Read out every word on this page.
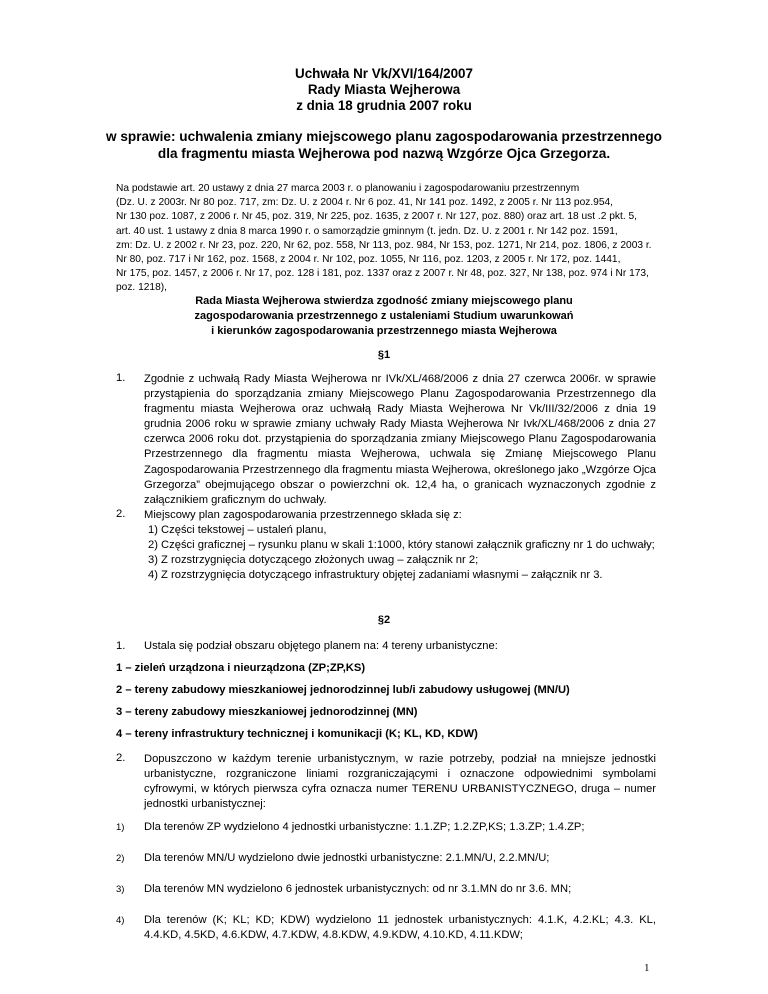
Uchwała Nr Vk/XVI/164/2007
Rady Miasta Wejherowa
z dnia 18 grudnia 2007 roku
w sprawie: uchwalenia zmiany miejscowego planu zagospodarowania przestrzennego
dla fragmentu miasta Wejherowa pod nazwą Wzgórze Ojca Grzegorza.
Na podstawie art. 20 ustawy z dnia 27 marca 2003 r. o planowaniu i zagospodarowaniu przestrzennym
(Dz. U. z 2003r. Nr 80 poz. 717, zm: Dz. U. z 2004 r. Nr 6 poz. 41, Nr 141 poz. 1492, z 2005 r. Nr 113 poz.954,
Nr 130 poz. 1087, z 2006 r. Nr 45, poz. 319, Nr 225, poz. 1635, z 2007 r. Nr 127, poz. 880) oraz art. 18 ust .2 pkt. 5,
art. 40 ust. 1 ustawy z dnia 8 marca 1990 r. o samorządzie gminnym (t. jedn. Dz. U. z 2001 r. Nr 142 poz. 1591,
zm: Dz. U. z 2002 r. Nr 23, poz. 220, Nr 62, poz. 558, Nr 113, poz. 984, Nr 153, poz. 1271, Nr 214, poz. 1806, z 2003 r.
Nr 80, poz. 717 i Nr 162, poz. 1568, z 2004 r. Nr 102, poz. 1055, Nr 116, poz. 1203, z 2005 r. Nr 172, poz. 1441,
Nr 175, poz. 1457, z 2006 r. Nr 17, poz. 128 i 181, poz. 1337 oraz z 2007 r. Nr 48, poz. 327, Nr 138, poz. 974 i Nr 173,
poz. 1218),
Rada Miasta Wejherowa stwierdza zgodność zmiany miejscowego planu
zagospodarowania przestrzennego z ustaleniami Studium uwarunkowań
i kierunków zagospodarowania przestrzennego miasta Wejherowa
§1
1. Zgodnie z uchwałą Rady Miasta Wejherowa nr IVk/XL/468/2006 z dnia 27 czerwca 2006r. w sprawie przystąpienia do sporządzania zmiany Miejscowego Planu Zagospodarowania Przestrzennego dla fragmentu miasta Wejherowa oraz uchwałą Rady Miasta Wejherowa Nr Vk/III/32/2006 z dnia 19 grudnia 2006 roku w sprawie zmiany uchwały Rady Miasta Wejherowa Nr Ivk/XL/468/2006 z dnia 27 czerwca 2006 roku dot. przystąpienia do sporządzania zmiany Miejscowego Planu Zagospodarowania Przestrzennego dla fragmentu miasta Wejherowa, uchwala się Zmianę Miejscowego Planu Zagospodarowania Przestrzennego dla fragmentu miasta Wejherowa, określonego jako „Wzgórze Ojca Grzegorza” obejmującego obszar o powierzchni ok. 12,4 ha, o granicach wyznaczonych zgodnie z załącznikiem graficznym do uchwały.
2. Miejscowy plan zagospodarowania przestrzennego składa się z:
1) Części tekstowej – ustaleń planu,
2) Części graficznej – rysunku planu w skali 1:1000, który stanowi załącznik graficzny nr 1 do uchwały;
3) Z rozstrzygnięcia dotyczącego złożonych uwag – załącznik nr 2;
4) Z rozstrzygnięcia dotyczącego infrastruktury objętej zadaniami własnymi – załącznik nr 3.
§2
1. Ustala się podział obszaru objętego planem na: 4 tereny urbanistyczne:
1 – zieleń urządzona i nieurządzona (ZP;ZP,KS)
2 – tereny zabudowy mieszkaniowej jednorodzinnej lub/i zabudowy usługowej (MN/U)
3 – tereny zabudowy mieszkaniowej jednorodzinnej (MN)
4 – tereny infrastruktury technicznej i komunikacji (K; KL, KD, KDW)
2. Dopuszczono w każdym terenie urbanistycznym, w razie potrzeby, podział na mniejsze jednostki urbanistyczne, rozgraniczone liniami rozgraniczającymi i oznaczone odpowiednimi symbolami cyfrowymi, w których pierwsza cyfra oznacza numer TERENU URBANISTYCZNEGO, druga – numer jednostki urbanistycznej:
1) Dla terenów ZP wydzielono 4 jednostki urbanistyczne: 1.1.ZP; 1.2.ZP,KS; 1.3.ZP; 1.4.ZP;
2) Dla terenów MN/U wydzielono dwie jednostki urbanistyczne: 2.1.MN/U, 2.2.MN/U;
3) Dla terenów MN wydzielono 6 jednostek urbanistycznych: od nr 3.1.MN do nr 3.6. MN;
4) Dla terenów (K; KL; KD; KDW) wydzielono 11 jednostek urbanistycznych: 4.1.K, 4.2.KL; 4.3. KL, 4.4.KD, 4.5KD, 4.6.KDW, 4.7.KDW, 4.8.KDW, 4.9.KDW, 4.10.KD, 4.11.KDW;
1
